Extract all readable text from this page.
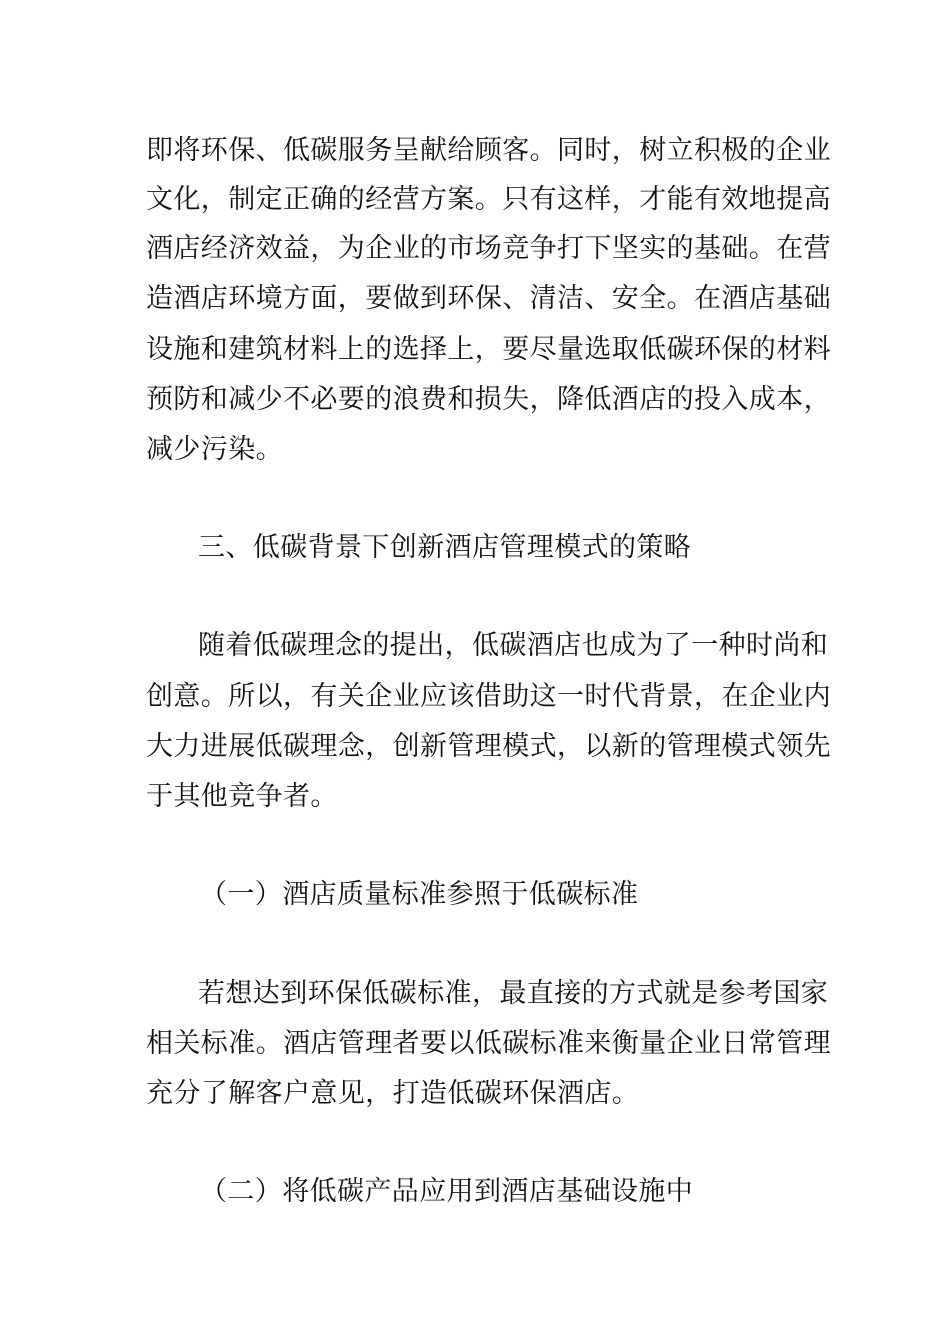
即将环保、低碳服务呈献给顾客。同时，树立积极的企业
文化，制定正确的经营方案。只有这样，才能有效地提高
酒店经济效益，为企业的市场竞争打下坚实的基础。在营
造酒店环境方面，要做到环保、清洁、安全。在酒店基础
设施和建筑材料上的选择上，要尽量选取低碳环保的材料
预防和减少不必要的浪费和损失，降低酒店的投入成本，
减少污染。
三、低碳背景下创新酒店管理模式的策略
随着低碳理念的提出，低碳酒店也成为了一种时尚和
创意。所以，有关企业应该借助这一时代背景，在企业内
大力进展低碳理念，创新管理模式，以新的管理模式领先
于其他竞争者。
（一）酒店质量标准参照于低碳标准
若想达到环保低碳标准，最直接的方式就是参考国家
相关标准。酒店管理者要以低碳标准来衡量企业日常管理
充分了解客户意见，打造低碳环保酒店。
（二）将低碳产品应用到酒店基础设施中
